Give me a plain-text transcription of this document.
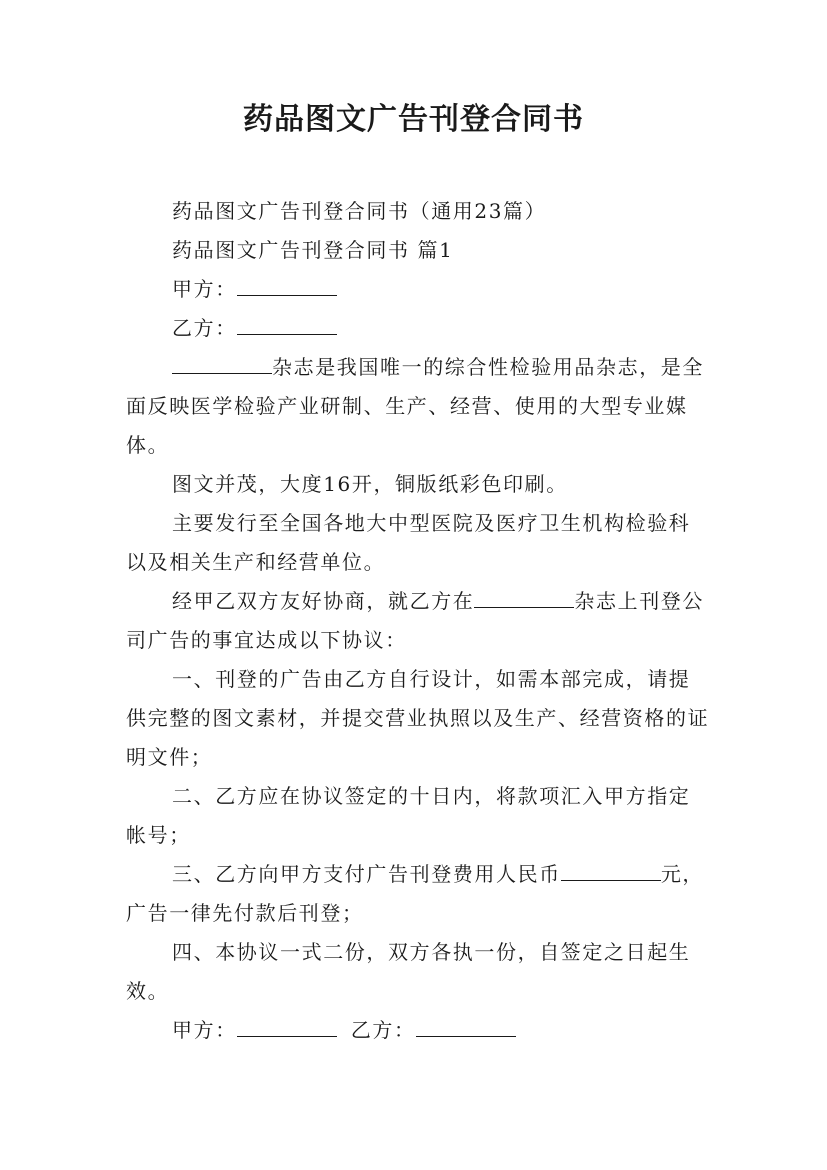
药品图文广告刊登合同书

药品图文广告刊登合同书（通用23篇）

药品图文广告刊登合同书 篇1

甲方：

乙方：

杂志是我国唯一的综合性检验用品杂志，是全面反映医学检验产业研制、生产、经营、使用的大型专业媒体。

图文并茂，大度16开，铜版纸彩色印刷。

主要发行至全国各地大中型医院及医疗卫生机构检验科以及相关生产和经营单位。

经甲乙双方友好协商，就乙方在	杂志上刊登公司广告的事宜达成以下协议：

一、刊登的广告由乙方自行设计，如需本部完成，请提供完整的图文素材，并提交营业执照以及生产、经营资格的证明文件；

二、乙方应在协议签定的十日内，将款项汇入甲方指定帐号；

三、乙方向甲方支付广告刊登费用人民币	元，广告一律先付款后刊登；

四、本协议一式二份，双方各执一份，自签定之日起生效。

甲方：	乙方：
